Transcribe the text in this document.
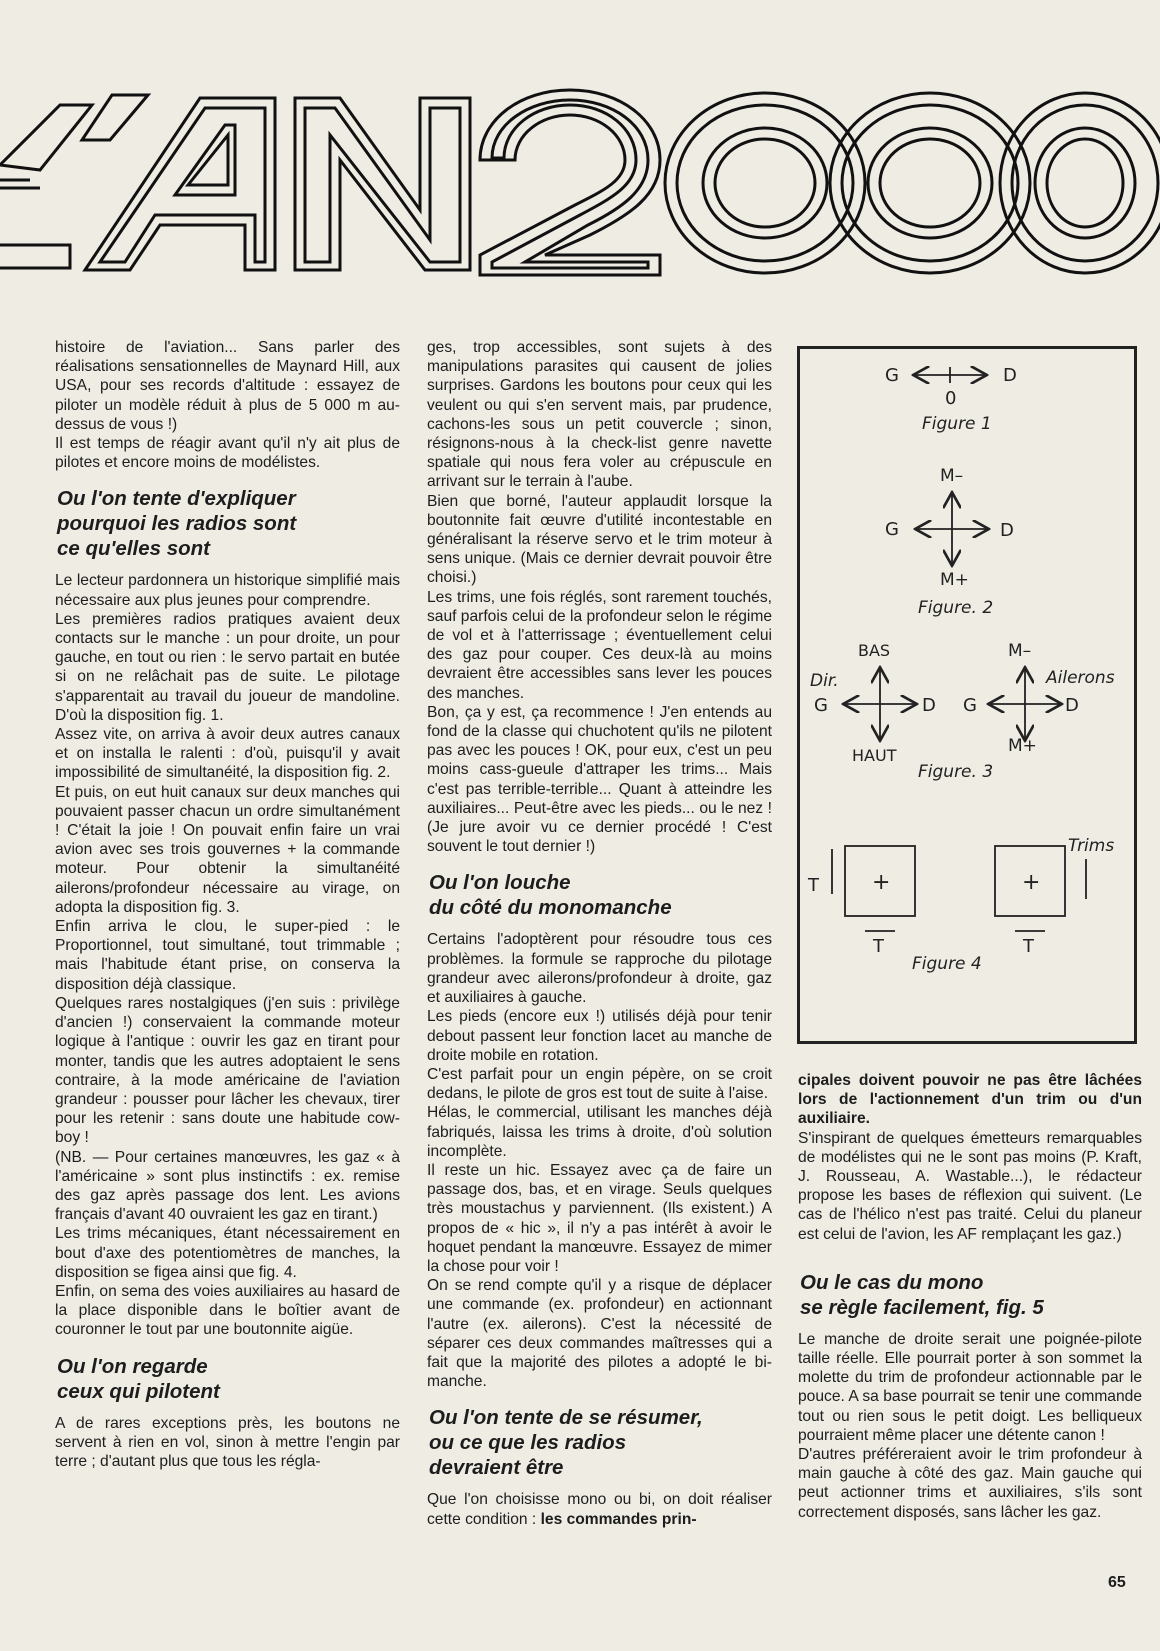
histoire de l'aviation... Sans parler des réalisations sensationnelles de Maynard Hill, aux USA, pour ses records d'altitude : essayez de piloter un modèle réduit à plus de 5 000 m au-dessus de vous !)

Il est temps de réagir avant qu'il n'y ait plus de pilotes et encore moins de modélistes.

Ou l'on tente d'expliquer
pourquoi les radios sont
ce qu'elles sont

Le lecteur pardonnera un historique simplifié mais nécessaire aux plus jeunes pour comprendre.

Les premières radios pratiques avaient deux contacts sur le manche : un pour droite, un pour gauche, en tout ou rien : le servo partait en butée si on ne relâchait pas de suite. Le pilotage s'apparentait au travail du joueur de mandoline. D'où la disposition fig. 1.

Assez vite, on arriva à avoir deux autres canaux et on installa le ralenti : d'où, puisqu'il y avait impossibilité de simultanéité, la disposition fig. 2.

Et puis, on eut huit canaux sur deux manches qui pouvaient passer chacun un ordre simultanément ! C'était la joie ! On pouvait enfin faire un vrai avion avec ses trois gouvernes + la commande moteur. Pour obtenir la simultanéité ailerons/profondeur nécessaire au virage, on adopta la disposition fig. 3.

Enfin arriva le clou, le super-pied : le Proportionnel, tout simultané, tout trimmable ; mais l'habitude étant prise, on conserva la disposition déjà classique.

Quelques rares nostalgiques (j'en suis : privilège d'ancien !) conservaient la commande moteur logique à l'antique : ouvrir les gaz en tirant pour monter, tandis que les autres adoptaient le sens contraire, à la mode américaine de l'aviation grandeur : pousser pour lâcher les chevaux, tirer pour les retenir : sans doute une habitude cow-boy !

(NB. — Pour certaines manœuvres, les gaz « à l'américaine » sont plus instinctifs : ex. remise des gaz après passage dos lent. Les avions français d'avant 40 ouvraient les gaz en tirant.)

Les trims mécaniques, étant nécessairement en bout d'axe des potentiomètres de manches, la disposition se figea ainsi que fig. 4.

Enfin, on sema des voies auxiliaires au hasard de la place disponible dans le boîtier avant de couronner le tout par une boutonnite aigüe.

Ou l'on regarde
ceux qui pilotent

A de rares exceptions près, les boutons ne servent à rien en vol, sinon à mettre l'engin par terre ; d'autant plus que tous les régla-

ges, trop accessibles, sont sujets à des manipulations parasites qui causent de jolies surprises. Gardons les boutons pour ceux qui les veulent ou qui s'en servent mais, par prudence, cachons-les sous un petit couvercle ; sinon, résignons-nous à la check-list genre navette spatiale qui nous fera voler au crépuscule en arrivant sur le terrain à l'aube.

Bien que borné, l'auteur applaudit lorsque la boutonnite fait œuvre d'utilité incontestable en généralisant la réserve servo et le trim moteur à sens unique. (Mais ce dernier devrait pouvoir être choisi.)

Les trims, une fois réglés, sont rarement touchés, sauf parfois celui de la profondeur selon le régime de vol et à l'atterrissage ; éventuellement celui des gaz pour couper. Ces deux-là au moins devraient être accessibles sans lever les pouces des manches.

Bon, ça y est, ça recommence ! J'en entends au fond de la classe qui chuchotent qu'ils ne pilotent pas avec les pouces ! OK, pour eux, c'est un peu moins cass-gueule d'attraper les trims... Mais c'est pas terrible-terrible... Quant à atteindre les auxiliaires... Peut-être avec les pieds... ou le nez ! (Je jure avoir vu ce dernier procédé ! C'est souvent le tout dernier !)

Ou l'on louche
du côté du monomanche

Certains l'adoptèrent pour résoudre tous ces problèmes. la formule se rapproche du pilotage grandeur avec ailerons/profondeur à droite, gaz et auxiliaires à gauche.

Les pieds (encore eux !) utilisés déjà pour tenir debout passent leur fonction lacet au manche de droite mobile en rotation.

C'est parfait pour un engin pépère, on se croit dedans, le pilote de gros est tout de suite à l'aise.

Hélas, le commercial, utilisant les manches déjà fabriqués, laissa les trims à droite, d'où solution incomplète.

Il reste un hic. Essayez avec ça de faire un passage dos, bas, et en virage. Seuls quelques très moustachus y parviennent. (Ils existent.) A propos de « hic », il n'y a pas intérêt à avoir le hoquet pendant la manœuvre. Essayez de mimer la chose pour voir !

On se rend compte qu'il y a risque de déplacer une commande (ex. profondeur) en actionnant l'autre (ex. ailerons). C'est la nécessité de séparer ces deux commandes maîtresses qui a fait que la majorité des pilotes a adopté le bi-manche.

Ou l'on tente de se résumer,
ou ce que les radios
devraient être

Que l'on choisisse mono ou bi, on doit réaliser cette condition : les commandes prin-

G	D
0
Figure 1
M–
M+
G	D
Figure. 2
BAS
HAUT
Dir.
G	D
M–
M+
Ailerons
G	D
Figure. 3
Trims
T +	+
T	T
Figure 4

cipales doivent pouvoir ne pas être lâchées lors de l'actionnement d'un trim ou d'un auxiliaire.

S'inspirant de quelques émetteurs remarquables de modélistes qui ne le sont pas moins (P. Kraft, J. Rousseau, A. Wastable...), le rédacteur propose les bases de réflexion qui suivent. (Le cas de l'hélico n'est pas traité. Celui du planeur est celui de l'avion, les AF remplaçant les gaz.)

Ou le cas du mono
se règle facilement, fig. 5

Le manche de droite serait une poignée-pilote taille réelle. Elle pourrait porter à son sommet la molette du trim de profondeur actionnable par le pouce. A sa base pourrait se tenir une commande tout ou rien sous le petit doigt. Les belliqueux pourraient même placer une détente canon !

D'autres préféreraient avoir le trim profondeur à main gauche à côté des gaz. Main gauche qui peut actionner trims et auxiliaires, s'ils sont correctement disposés, sans lâcher les gaz.

65
